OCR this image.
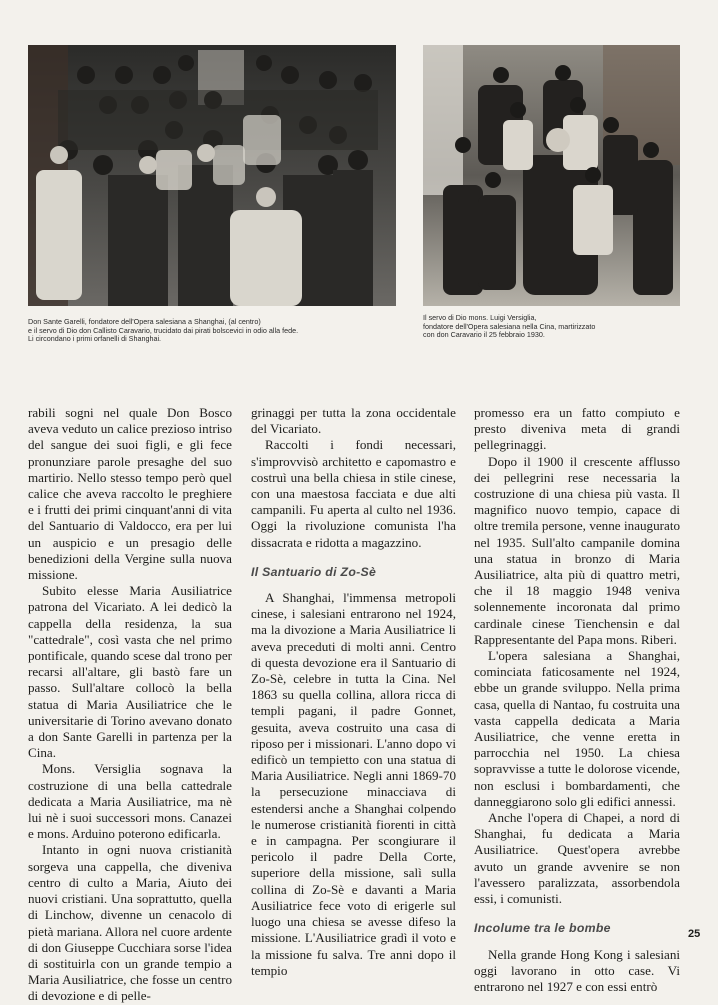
Don Sante Garelli, fondatore dell'Opera salesiana a Shanghai, (al centro)
e il servo di Dio don Callisto Caravario, trucidato dai pirati bolscevici in odio alla fede.
Li circondano i primi orfanelli di Shanghai.
Il servo di Dio mons. Luigi Versiglia,
fondatore dell'Opera salesiana nella Cina, martirizzato
con don Caravario il 25 febbraio 1930.

rabili sogni nel quale Don Bosco aveva veduto un calice prezioso intriso del sangue dei suoi figli, e gli fece pronunziare parole presaghe del suo martirio. Nello stesso tempo però quel calice che aveva raccolto le preghiere e i frutti dei primi cinquant'anni di vita del Santuario di Valdocco, era per lui un auspicio e un presagio delle benedizioni della Vergine sulla nuova missione.

Subito elesse Maria Ausiliatrice patrona del Vicariato. A lei dedicò la cappella della residenza, la sua "cattedrale", così vasta che nel primo pontificale, quando scese dal trono per recarsi all'altare, gli bastò fare un passo. Sull'altare collocò la bella statua di Maria Ausiliatrice che le universitarie di Torino avevano donato a don Sante Garelli in partenza per la Cina.

Mons. Versiglia sognava la costruzione di una bella cattedrale dedicata a Maria Ausiliatrice, ma nè lui nè i suoi successori mons. Canazei e mons. Arduino poterono edificarla.

Intanto in ogni nuova cristianità sorgeva una cappella, che diveniva centro di culto a Maria, Aiuto dei nuovi cristiani. Una soprattutto, quella di Linchow, divenne un cenacolo di pietà mariana. Allora nel cuore ardente di don Giuseppe Cucchiara sorse l'idea di sostituirla con un grande tempio a Maria Ausiliatrice, che fosse un centro di devozione e di pelle-

grinaggi per tutta la zona occidentale del Vicariato.

Raccolti i fondi necessari, s'improvvisò architetto e capomastro e costruì una bella chiesa in stile cinese, con una maestosa facciata e due alti campanili. Fu aperta al culto nel 1936. Oggi la rivoluzione comunista l'ha dissacrata e ridotta a magazzino.

Il Santuario di Zo-Sè

A Shanghai, l'immensa metropoli cinese, i salesiani entrarono nel 1924, ma la divozione a Maria Ausiliatrice li aveva preceduti di molti anni. Centro di questa devozione era il Santuario di Zo-Sè, celebre in tutta la Cina. Nel 1863 su quella collina, allora ricca di templi pagani, il padre Gonnet, gesuita, aveva costruito una casa di riposo per i missionari. L'anno dopo vi edificò un tempietto con una statua di Maria Ausiliatrice. Negli anni 1869-70 la persecuzione minacciava di estendersi anche a Shanghai colpendo le numerose cristianità fiorenti in città e in campagna. Per scongiurare il pericolo il padre Della Corte, superiore della missione, salì sulla collina di Zo-Sè e davanti a Maria Ausiliatrice fece voto di erigerle sul luogo una chiesa se avesse difeso la missione. L'Ausiliatrice gradì il voto e la missione fu salva. Tre anni dopo il tempio

promesso era un fatto compiuto e presto diveniva meta di grandi pellegrinaggi.

Dopo il 1900 il crescente afflusso dei pellegrini rese necessaria la costruzione di una chiesa più vasta. Il magnifico nuovo tempio, capace di oltre tremila persone, venne inaugurato nel 1935. Sull'alto campanile domina una statua in bronzo di Maria Ausiliatrice, alta più di quattro metri, che il 18 maggio 1948 veniva solennemente incoronata dal primo cardinale cinese Tienchensin e dal Rappresentante del Papa mons. Riberi.

L'opera salesiana a Shanghai, cominciata faticosamente nel 1924, ebbe un grande sviluppo. Nella prima casa, quella di Nantao, fu costruita una vasta cappella dedicata a Maria Ausiliatrice, che venne eretta in parrocchia nel 1950. La chiesa sopravvisse a tutte le dolorose vicende, non esclusi i bombardamenti, che danneggiarono solo gli edifici annessi.

Anche l'opera di Chapei, a nord di Shanghai, fu dedicata a Maria Ausiliatrice. Quest'opera avrebbe avuto un grande avvenire se non l'avessero paralizzata, assorbendola essi, i comunisti.

Incolume tra le bombe

Nella grande Hong Kong i salesiani oggi lavorano in otto case. Vi entrarono nel 1927 e con essi entrò

25
